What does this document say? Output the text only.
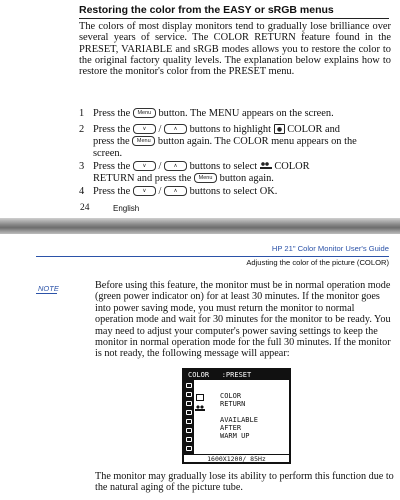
Restoring the color from the EASY or sRGB menus
The colors of most display monitors tend to gradually lose brilliance over several years of service. The COLOR RETURN feature found in the PRESET, VARIABLE and sRGB modes allows you to restore the color to the original factory quality levels. The explanation below explains how to restore the monitor's color from the PRESET menu.
1 Press the Menu button. The MENU appears on the screen.
2 Press the ∨ / ∧ buttons to highlight COLOR and
press the Menu button again. The COLOR menu appears on the
screen.
3 Press the ∨ / ∧ buttons to select COLOR
RETURN and press the Menu button again.
4 Press the ∨ / ∧ buttons to select OK.
24	English
HP 21" Color Monitor User's Guide
Adjusting the color of the picture (COLOR)
NOTE	Before using this feature, the monitor must be in normal operation mode (green power indicator on) for at least 30 minutes. If the monitor goes into power saving mode, you must return the monitor to normal operation mode and wait for 30 minutes for the monitor to be ready. You may need to adjust your computer's power saving settings to keep the monitor in normal operation mode for the full 30 minutes. If the monitor is not ready, the following message will appear:
COLOR   :PRESET
COLOR
RETURN
AVAILABLE
AFTER
WARM UP
1600X1200/ 85Hz
The monitor may gradually lose its ability to perform this function due to the natural aging of the picture tube.
